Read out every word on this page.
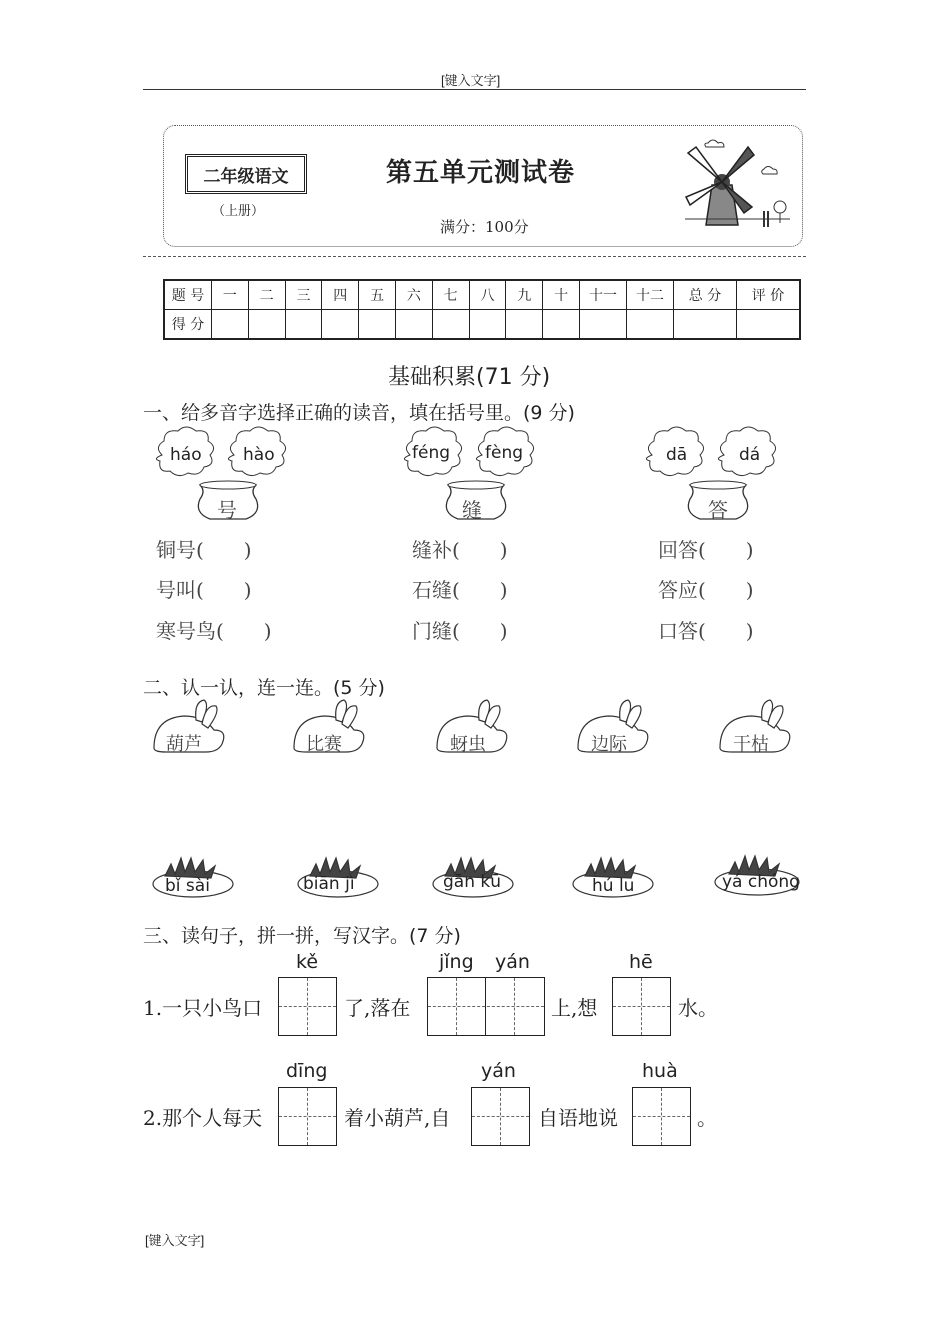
[键入文字]
二年级语文
（上册）
第五单元测试卷
满分：100分
题 号	一	二	三	四	五	六	七	八	九	十	十一	十二	总 分	评 价
得 分														
基础积累(71 分)
一、给多音字选择正确的读音，填在括号里。(9 分)
háo hào
号
铜号(　　)
号叫(　　)
寒号鸟(　　)
féng fèng
缝
缝补(　　)
石缝(　　)
门缝(　　)
dā	dá
答
回答(　　)
答应(　　)
口答(　　)
二、认一认，连一连。(5 分)
葫芦	比赛	蚜虫	边际	干枯
bǐ sài	biān jì	gān kū	hú lu	yá chóng
三、读句子，拼一拼，写汉字。(7 分)
1.一只小鸟口
kě
了,落在
jǐng yán
上,想
hē
水。
2.那个人每天
dīng
着小葫芦,自
yán
自语地说
huà
。
[键入文字]
